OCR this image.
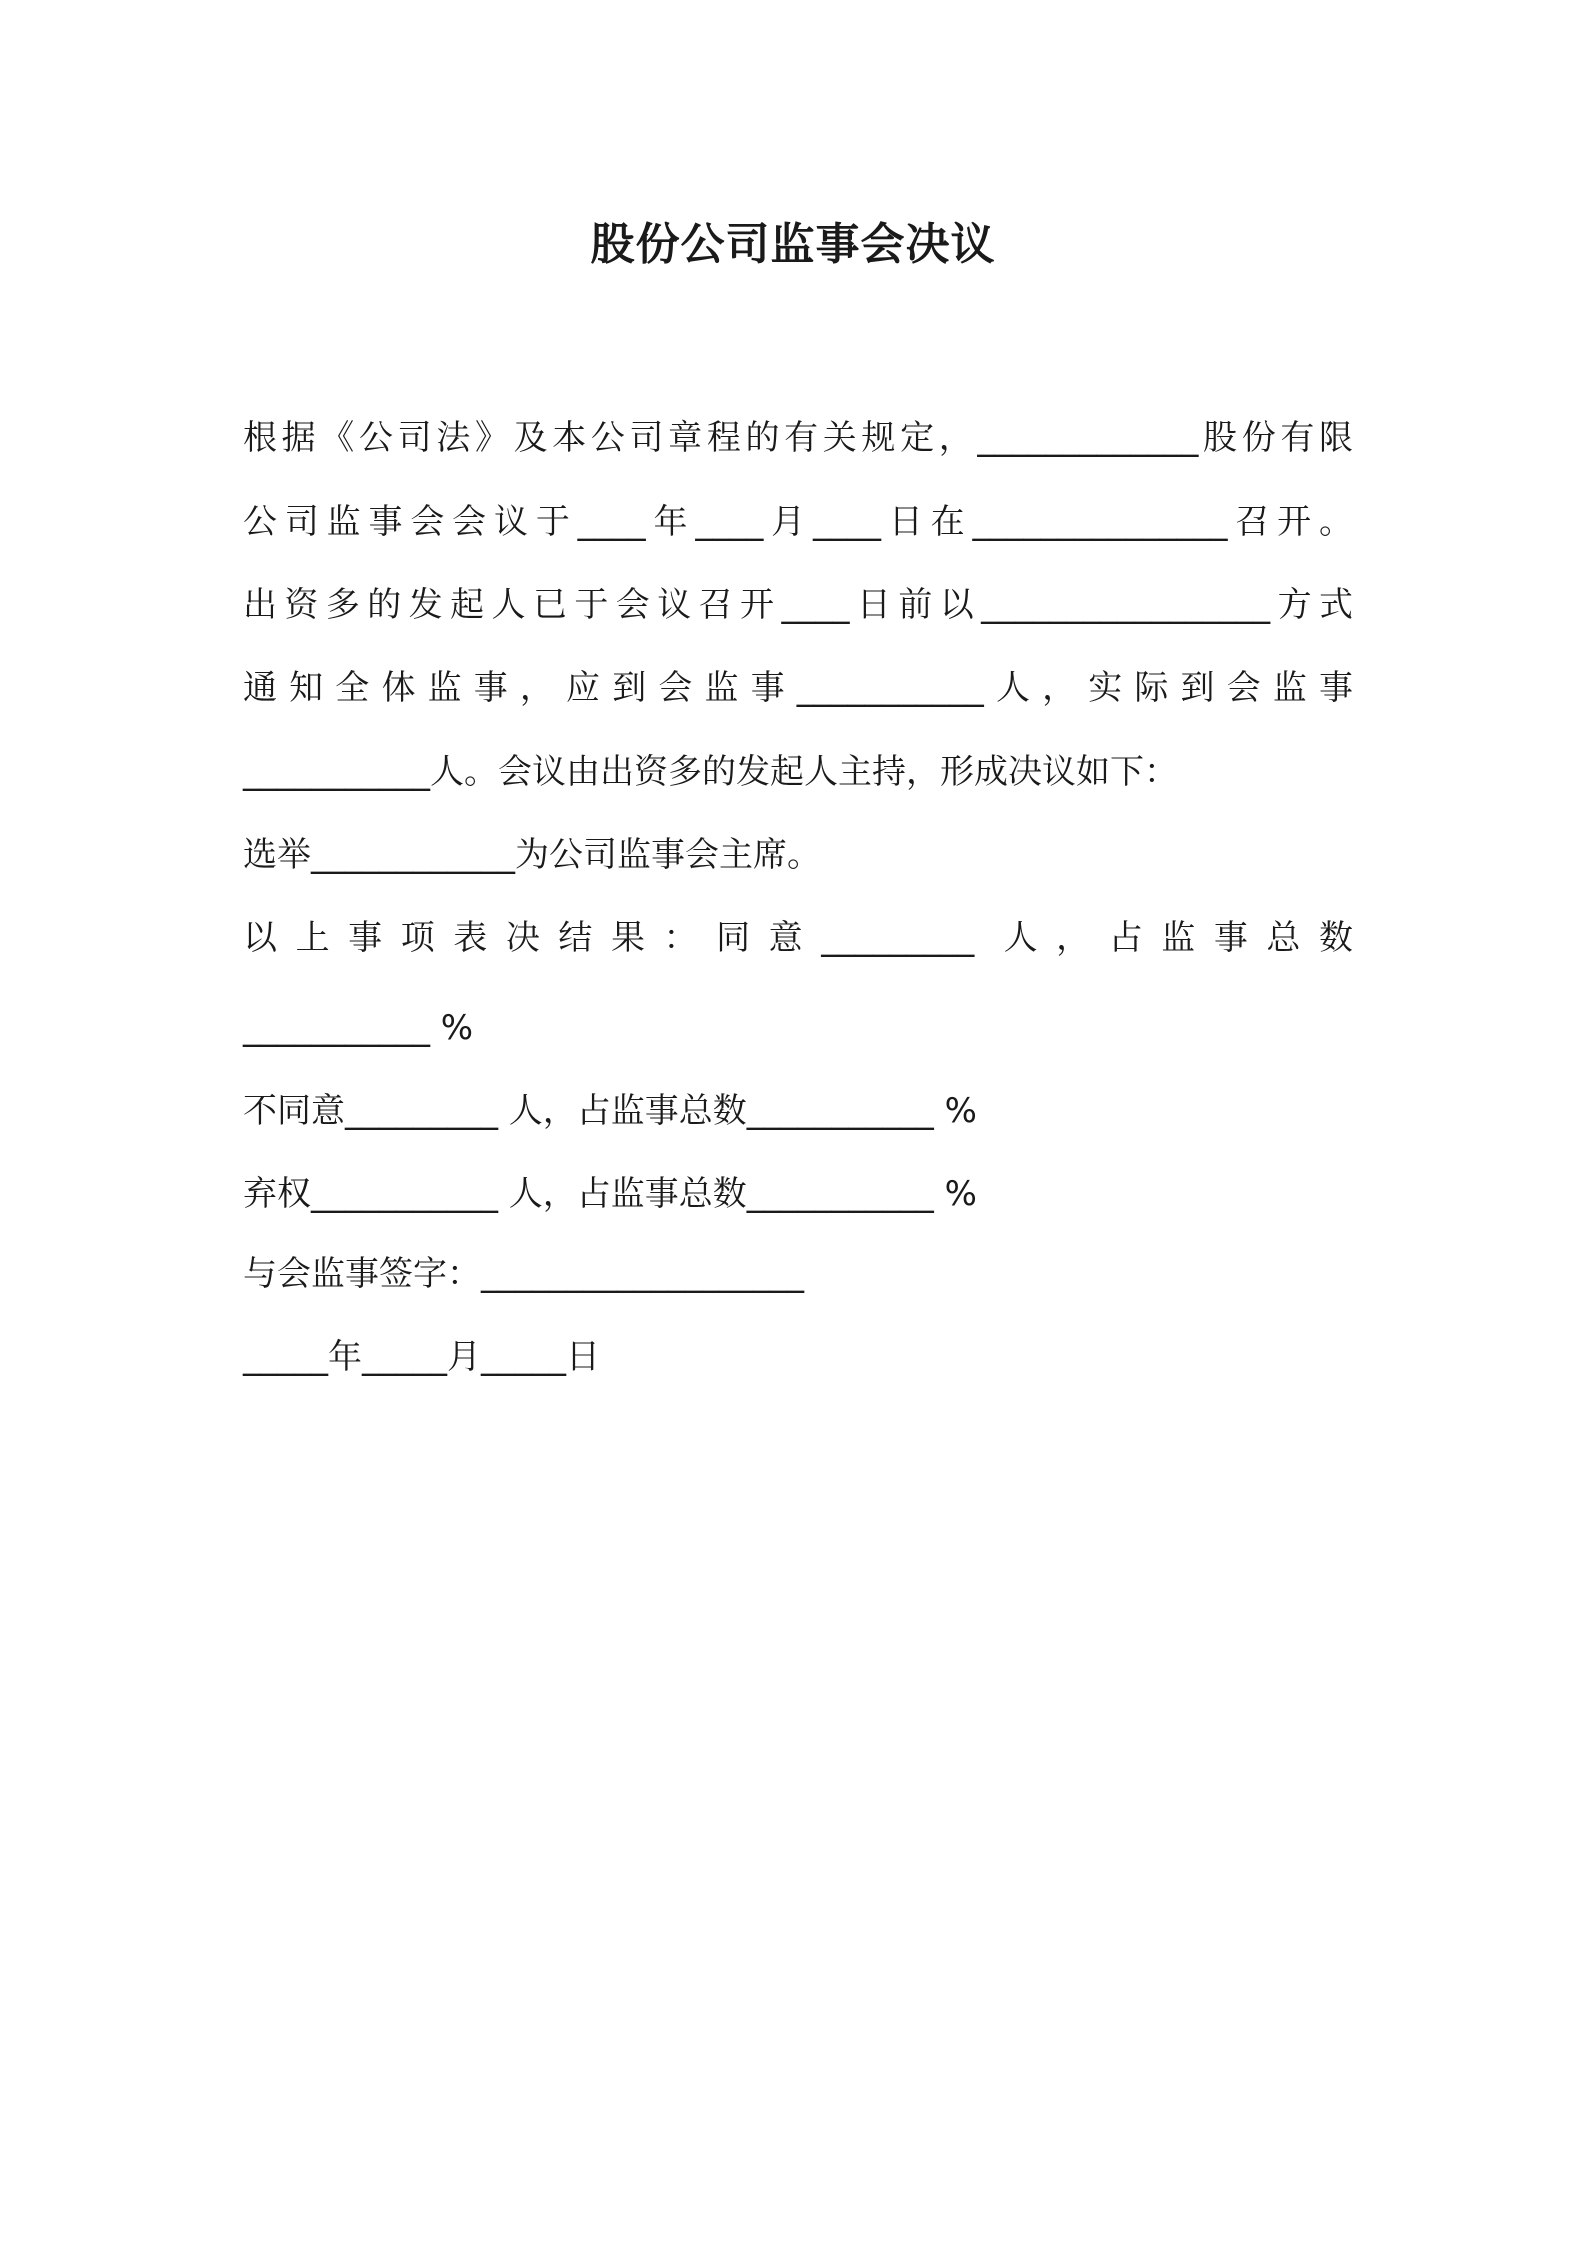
股份公司监事会决议

根据《公司法》及本公司章程的有关规定，_____________股份有限

公司监事会会议于____年____月____日在_______________召开。

出资多的发起人已于会议召开____日前以_________________方式

通知全体监事，应到会监事___________人，实际到会监事

___________人。会议由出资多的发起人主持，形成决议如下：

选举____________为公司监事会主席。

以上事项表决结果：同意_________ 人，占监事总数

___________ %

不同意_________ 人，占监事总数___________ %

弃权___________ 人，占监事总数___________ %

与会监事签字：___________________

_____年_____月_____日
